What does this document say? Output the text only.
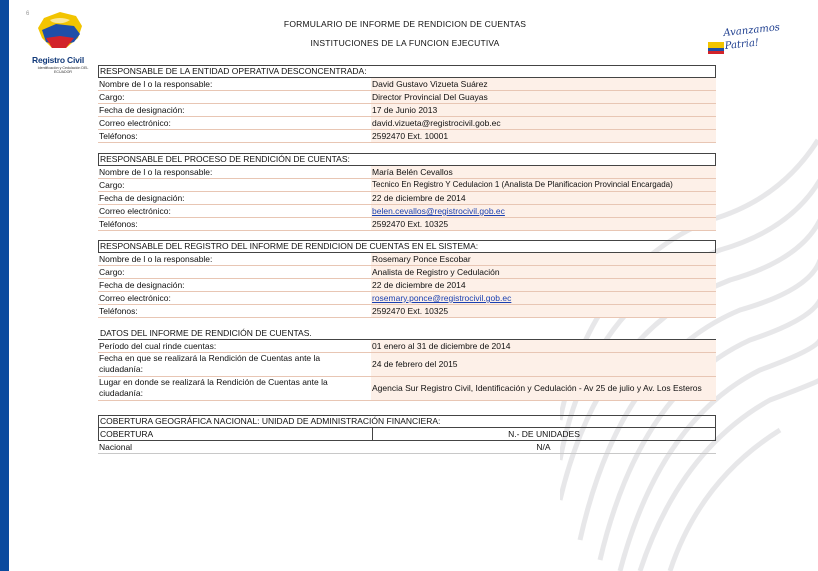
6
Registro Civil
Identificación y Cedulación DEL ECUADOR
Avanzamos Patria!
FORMULARIO DE INFORME DE RENDICION DE CUENTAS
INSTITUCIONES DE LA FUNCION EJECUTIVA
RESPONSABLE DE LA ENTIDAD OPERATIVA DESCONCENTRADA:
Nombre de l o la responsable:	David Gustavo Vizueta Suárez
Cargo:	Director Provincial Del Guayas
Fecha de designación:	17 de Junio 2013
Correo electrónico:	david.vizueta@registrocivil.gob.ec
Teléfonos:	2592470 Ext. 10001
RESPONSABLE DEL PROCESO DE RENDICIÓN DE CUENTAS:
Nombre de l o la responsable:	María Belén Cevallos
Cargo:	Tecnico En Registro Y Cedulacion 1 (Analista De Planificacion Provincial Encargada)
Fecha de designación:	22 de diciembre de 2014
Correo electrónico:	belen.cevallos@registrocivil.gob.ec
Teléfonos:	2592470 Ext. 10325
RESPONSABLE DEL REGISTRO DEL INFORME DE RENDICION DE CUENTAS EN EL SISTEMA:
Nombre de l o la responsable:	Rosemary Ponce Escobar
Cargo:	Analista de Registro y Cedulación
Fecha de designación:	22 de diciembre de 2014
Correo electrónico:	rosemary.ponce@registrocivil.gob.ec
Teléfonos:	2592470 Ext. 10325
DATOS DEL INFORME DE RENDICIÓN DE CUENTAS.
Período del cual rinde cuentas:	01 enero al 31 de diciembre de 2014
Fecha en que se realizará la Rendición de Cuentas ante la ciudadanía:	24 de febrero del 2015
Lugar en donde se realizará la Rendición de Cuentas ante la ciudadanía:	Agencia Sur Registro Civil, Identificación y Cedulación - Av 25 de julio y Av. Los Esteros
COBERTURA GEOGRÁFICA NACIONAL: UNIDAD DE ADMINISTRACIÓN FINANCIERA:
COBERTURA	N.- DE UNIDADES
Nacional	N/A
